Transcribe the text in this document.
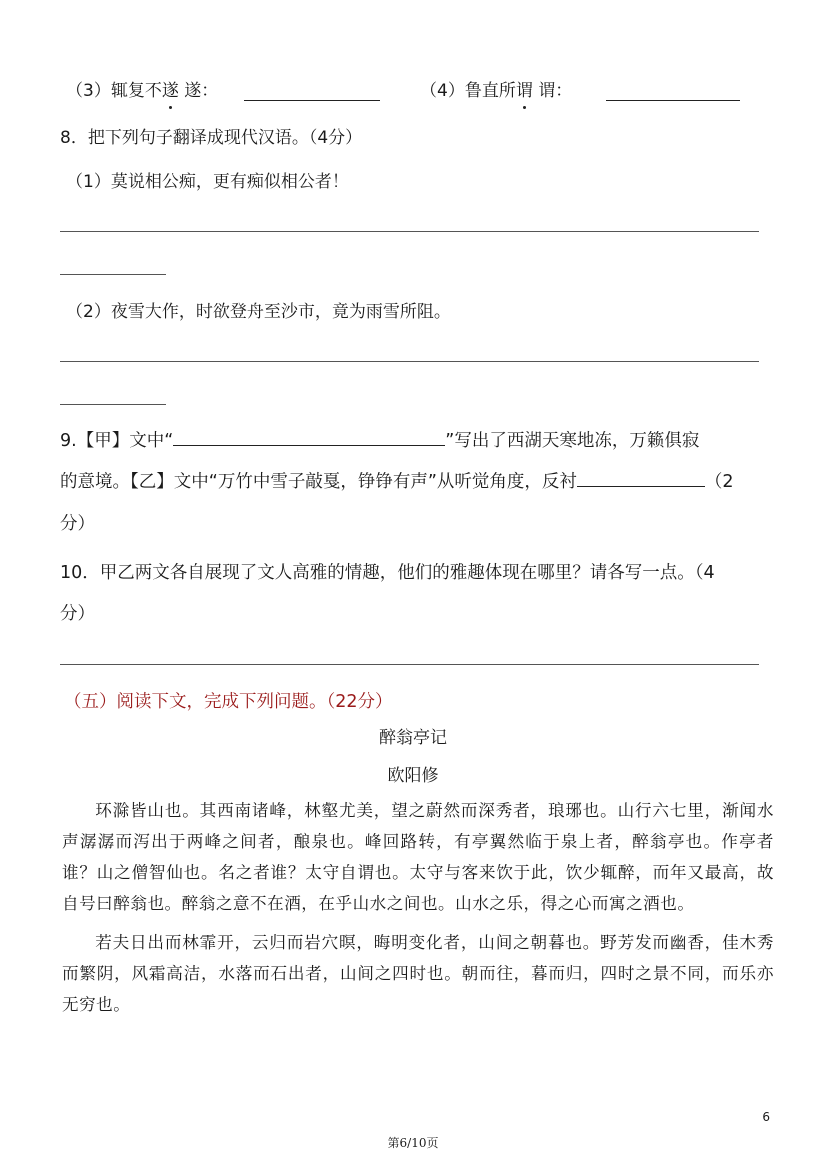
（3）辄复不遂 遂：	（4）鲁直所谓 谓：
8．把下列句子翻译成现代汉语。（4分）
（1）莫说相公痴，更有痴似相公者！
（2）夜雪大作，时欲登舟至沙市，竟为雨雪所阻。
9.【甲】文中“	”写出了西湖天寒地冻，万籁俱寂
的意境。【乙】文中“万竹中雪子敲戛，铮铮有声”从听觉角度，反衬	（2
分）
10．甲乙两文各自展现了文人高雅的情趣，他们的雅趣体现在哪里？请各写一点。（4
分）
（五）阅读下文，完成下列问题。（22分）
醉翁亭记
欧阳修

环滁皆山也。其西南诸峰，林壑尤美，望之蔚然而深秀者，琅琊也。山行六七里，渐闻水声潺潺而泻出于两峰之间者，酿泉也。峰回路转，有亭翼然临于泉上者，醉翁亭也。作亭者谁？山之僧智仙也。名之者谁？太守自谓也。太守与客来饮于此，饮少辄醉，而年又最高，故自号曰醉翁也。醉翁之意不在酒，在乎山水之间也。山水之乐，得之心而寓之酒也。

若夫日出而林霏开，云归而岩穴暝，晦明变化者，山间之朝暮也。野芳发而幽香，佳木秀而繁阴，风霜高洁，水落而石出者，山间之四时也。朝而往，暮而归，四时之景不同，而乐亦无穷也。

6
第6/10页
